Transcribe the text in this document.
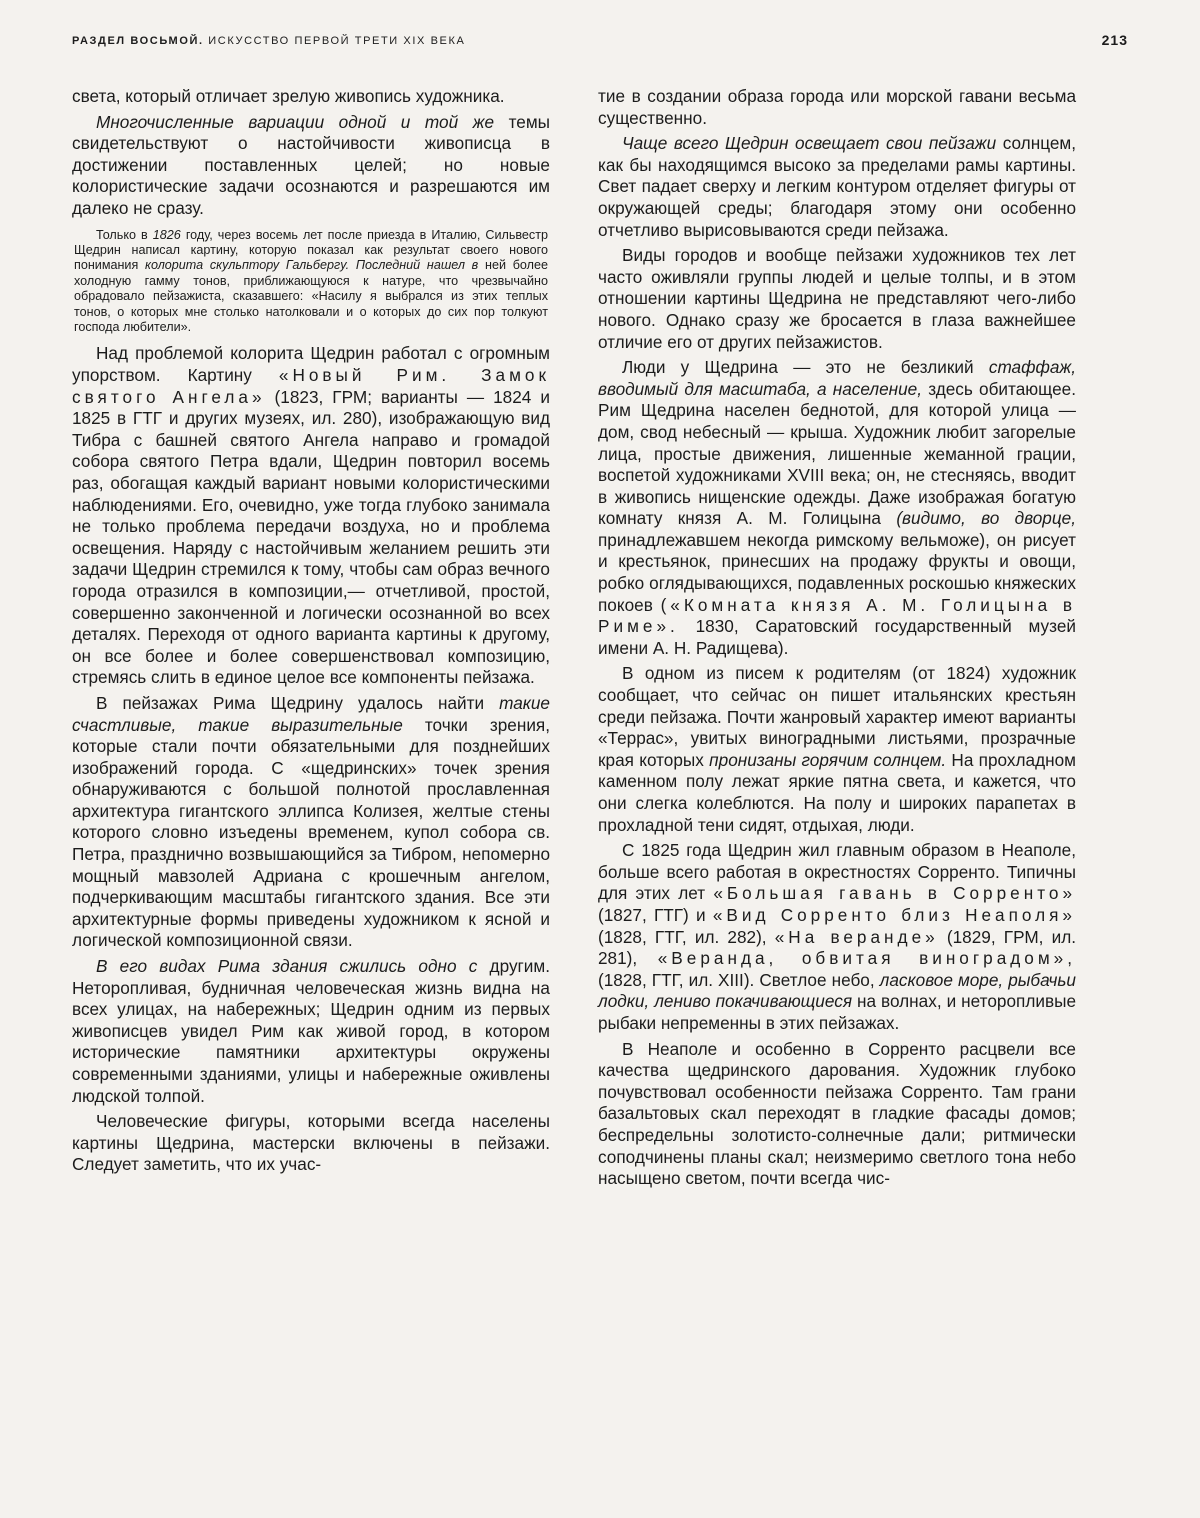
РАЗДЕЛ ВОСЬМОЙ. ИСКУССТВО ПЕРВОЙ ТРЕТИ XIX ВЕКА	213

света, который отличает зрелую живопись художника.

Многочисленные вариации одной и той же темы свидетельствуют о настойчивости живописца в достижении поставленных целей; но новые колористические задачи осознаются и разрешаются им далеко не сразу.

Только в 1826 году, через восемь лет после приезда в Италию, Сильвестр Щедрин написал картину, которую показал как результат своего нового понимания колорита скульптору Гальбергу. Последний нашел в ней более холодную гамму тонов, приближающуюся к натуре, что чрезвычайно обрадовало пейзажиста, сказавшего: «Насилу я выбрался из этих теплых тонов, о которых мне столько натолковали и о которых до сих пор толкуют господа любители».

Над проблемой колорита Щедрин работал с огромным упорством. Картину «Новый Рим. Замок святого Ангела» (1823, ГРМ; варианты — 1824 и 1825 в ГТГ и других музеях, ил. 280), изображающую вид Тибра с башней святого Ангела направо и громадой собора святого Петра вдали, Щедрин повторил восемь раз, обогащая каждый вариант новыми колористическими наблюдениями. Его, очевидно, уже тогда глубоко занимала не только проблема передачи воздуха, но и проблема освещения. Наряду с настойчивым желанием решить эти задачи Щедрин стремился к тому, чтобы сам образ вечного города отразился в композиции,— отчетливой, простой, совершенно законченной и логически осознанной во всех деталях. Переходя от одного варианта картины к другому, он все более и более совершенствовал композицию, стремясь слить в единое целое все компоненты пейзажа.

В пейзажах Рима Щедрину удалось найти такие счастливые, такие выразительные точки зрения, которые стали почти обязательными для позднейших изображений города. С «щедринских» точек зрения обнаруживаются с большой полнотой прославленная архитектура гигантского эллипса Колизея, желтые стены которого словно изъедены временем, купол собора св. Петра, празднично возвышающийся за Тибром, непомерно мощный мавзолей Адриана с крошечным ангелом, подчеркивающим масштабы гигантского здания. Все эти архитектурные формы приведены художником к ясной и логической композиционной связи.

В его видах Рима здания сжились одно с другим. Неторопливая, будничная человеческая жизнь видна на всех улицах, на набережных; Щедрин одним из первых живописцев увидел Рим как живой город, в котором исторические памятники архитектуры окружены современными зданиями, улицы и набережные оживлены людской толпой.

Человеческие фигуры, которыми всегда населены картины Щедрина, мастерски включены в пейзажи. Следует заметить, что их учас-

тие в создании образа города или морской гавани весьма существенно.

Чаще всего Щедрин освещает свои пейзажи солнцем, как бы находящимся высоко за пределами рамы картины. Свет падает сверху и легким контуром отделяет фигуры от окружающей среды; благодаря этому они особенно отчетливо вырисовываются среди пейзажа.

Виды городов и вообще пейзажи художников тех лет часто оживляли группы людей и целые толпы, и в этом отношении картины Щедрина не представляют чего-либо нового. Однако сразу же бросается в глаза важнейшее отличие его от других пейзажистов.

Люди у Щедрина — это не безликий стаффаж, вводимый для масштаба, а население, здесь обитающее. Рим Щедрина населен беднотой, для которой улица — дом, свод небесный — крыша. Художник любит загорелые лица, простые движения, лишенные жеманной грации, воспетой художниками XVIII века; он, не стесняясь, вводит в живопись нищенские одежды. Даже изображая богатую комнату князя А. М. Голицына (видимо, во дворце, принадлежавшем некогда римскому вельможе), он рисует и крестьянок, принесших на продажу фрукты и овощи, робко оглядывающихся, подавленных роскошью княжеских покоев («Комната князя А. М. Голицына в Риме». 1830, Саратовский государственный музей имени А. Н. Радищева).

В одном из писем к родителям (от 1824) художник сообщает, что сейчас он пишет итальянских крестьян среди пейзажа. Почти жанровый характер имеют варианты «Террас», увитых виноградными листьями, прозрачные края которых пронизаны горячим солнцем. На прохладном каменном полу лежат яркие пятна света, и кажется, что они слегка колеблются. На полу и широких парапетах в прохладной тени сидят, отдыхая, люди.

С 1825 года Щедрин жил главным образом в Неаполе, больше всего работая в окрестностях Сорренто. Типичны для этих лет «Большая гавань в Сорренто» (1827, ГТГ) и «Вид Сорренто близ Неаполя» (1828, ГТГ, ил. 282), «На веранде» (1829, ГРМ, ил. 281), «Веранда, обвитая виноградом», (1828, ГТГ, ил. XIII). Светлое небо, ласковое море, рыбачьи лодки, лениво покачивающиеся на волнах, и неторопливые рыбаки непременны в этих пейзажах.

В Неаполе и особенно в Сорренто расцвели все качества щедринского дарования. Художник глубоко почувствовал особенности пейзажа Сорренто. Там грани базальтовых скал переходят в гладкие фасады домов; беспредельны золотисто-солнечные дали; ритмически соподчинены планы скал; неизмеримо светлого тона небо насыщено светом, почти всегда чис-
